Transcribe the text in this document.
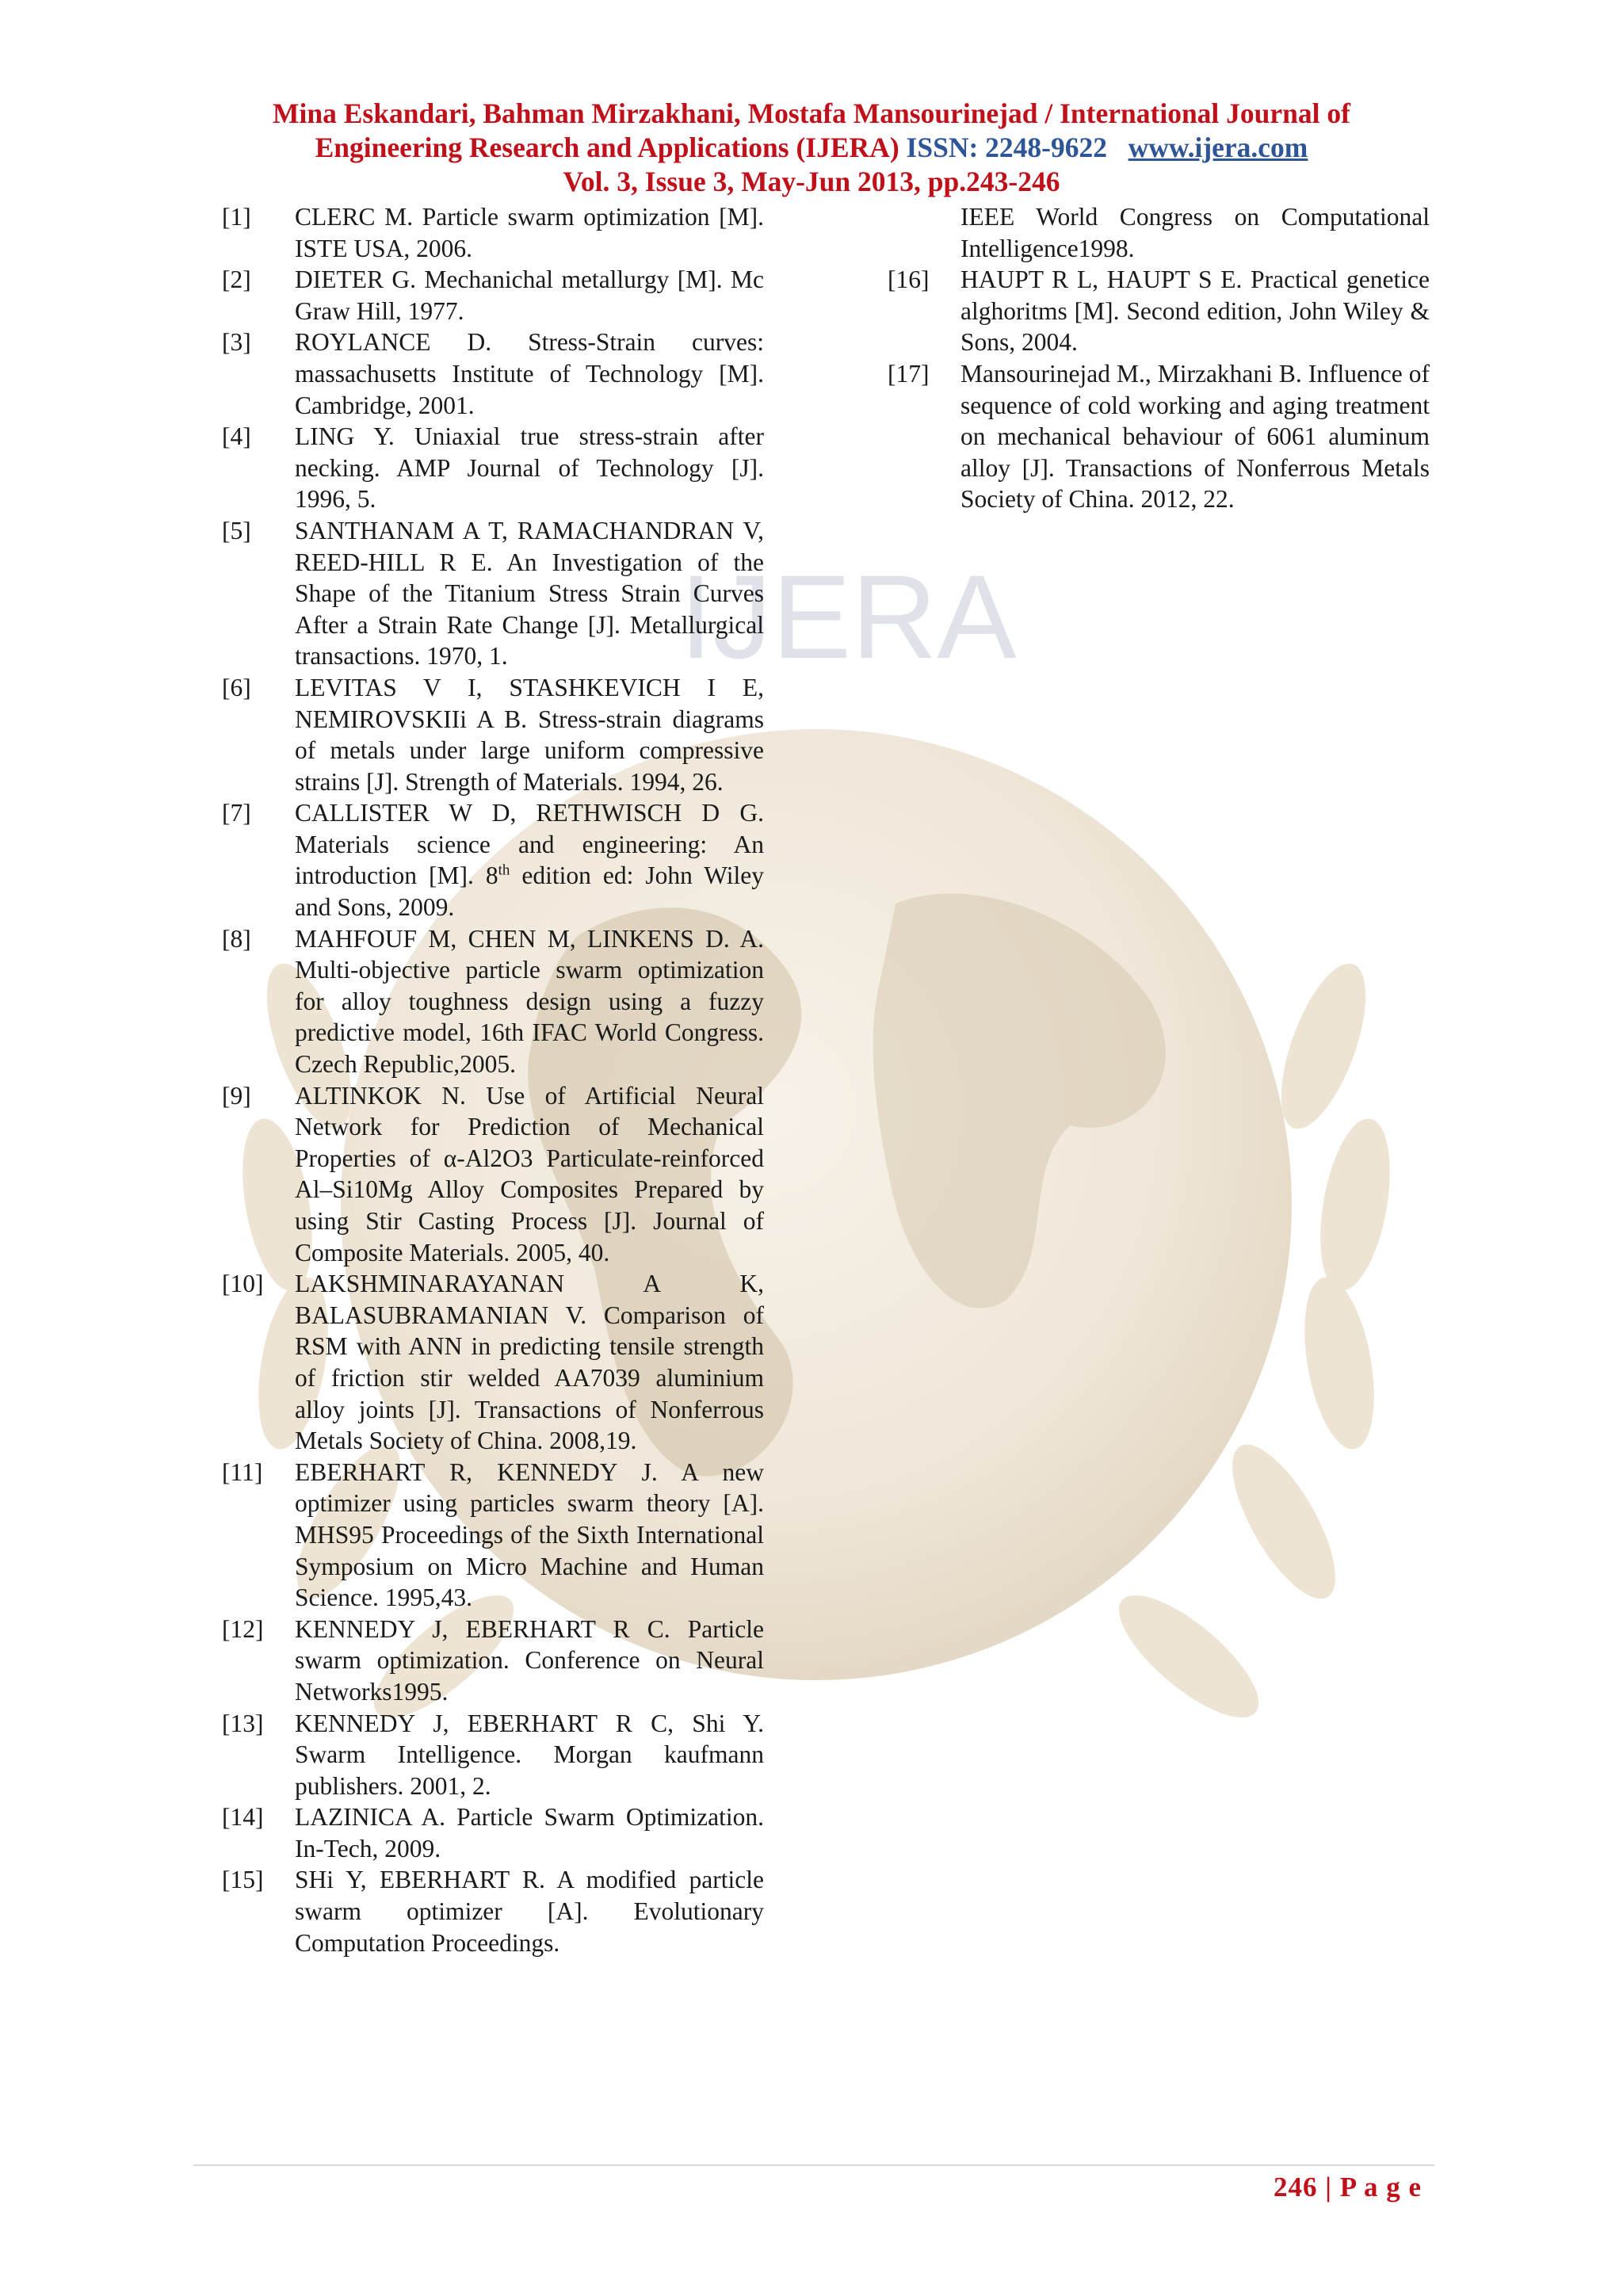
IJERA
Mina Eskandari, Bahman Mirzakhani, Mostafa Mansourinejad / International Journal of
Engineering Research and Applications (IJERA) ISSN: 2248-9622 www.ijera.com
Vol. 3, Issue 3, May-Jun 2013, pp.243-246
[1] CLERC M. Particle swarm optimization [M]. ISTE USA, 2006.
[2] DIETER G. Mechanichal metallurgy [M]. Mc Graw Hill, 1977.
[3] ROYLANCE D. Stress-Strain curves: massachusetts Institute of Technology [M]. Cambridge, 2001.
[4] LING Y. Uniaxial true stress-strain after necking. AMP Journal of Technology [J]. 1996, 5.
[5] SANTHANAM A T, RAMACHANDRAN V, REED-HILL R E. An Investigation of the Shape of the Titanium Stress Strain Curves After a Strain Rate Change [J]. Metallurgical transactions. 1970, 1.
[6] LEVITAS V I, STASHKEVICH I E, NEMIROVSKIIi A B. Stress-strain diagrams of metals under large uniform compressive strains [J]. Strength of Materials. 1994, 26.
[7] CALLISTER W D, RETHWISCH D G. Materials science and engineering: An introduction [M]. 8th edition ed: John Wiley and Sons, 2009.
[8] MAHFOUF M, CHEN M, LINKENS D. A. Multi-objective particle swarm optimization for alloy toughness design using a fuzzy predictive model, 16th IFAC World Congress. Czech Republic,2005.
[9] ALTINKOK N. Use of Artificial Neural Network for Prediction of Mechanical Properties of α-Al2O3 Particulate-reinforced Al–Si10Mg Alloy Composites Prepared by using Stir Casting Process [J]. Journal of Composite Materials. 2005, 40.
[10] LAKSHMINARAYANAN A K, BALASUBRAMANIAN V. Comparison of RSM with ANN in predicting tensile strength of friction stir welded AA7039 aluminium alloy joints [J]. Transactions of Nonferrous Metals Society of China. 2008,19.
[11] EBERHART R, KENNEDY J. A new optimizer using particles swarm theory [A]. MHS95 Proceedings of the Sixth International Symposium on Micro Machine and Human Science. 1995,43.
[12] KENNEDY J, EBERHART R C. Particle swarm optimization. Conference on Neural Networks1995.
[13] KENNEDY J, EBERHART R C, Shi Y. Swarm Intelligence. Morgan kaufmann publishers. 2001, 2.
[14] LAZINICA A. Particle Swarm Optimization. In-Tech, 2009.
[15] SHi Y, EBERHART R. A modified particle swarm optimizer [A]. Evolutionary Computation Proceedings.
IEEE World Congress on Computational Intelligence1998.
[16] HAUPT R L, HAUPT S E. Practical genetice alghoritms [M]. Second edition, John Wiley & Sons, 2004.
[17] Mansourinejad M., Mirzakhani B. Influence of sequence of cold working and aging treatment on mechanical behaviour of 6061 aluminum alloy [J]. Transactions of Nonferrous Metals Society of China. 2012, 22.
246 | P a g e
